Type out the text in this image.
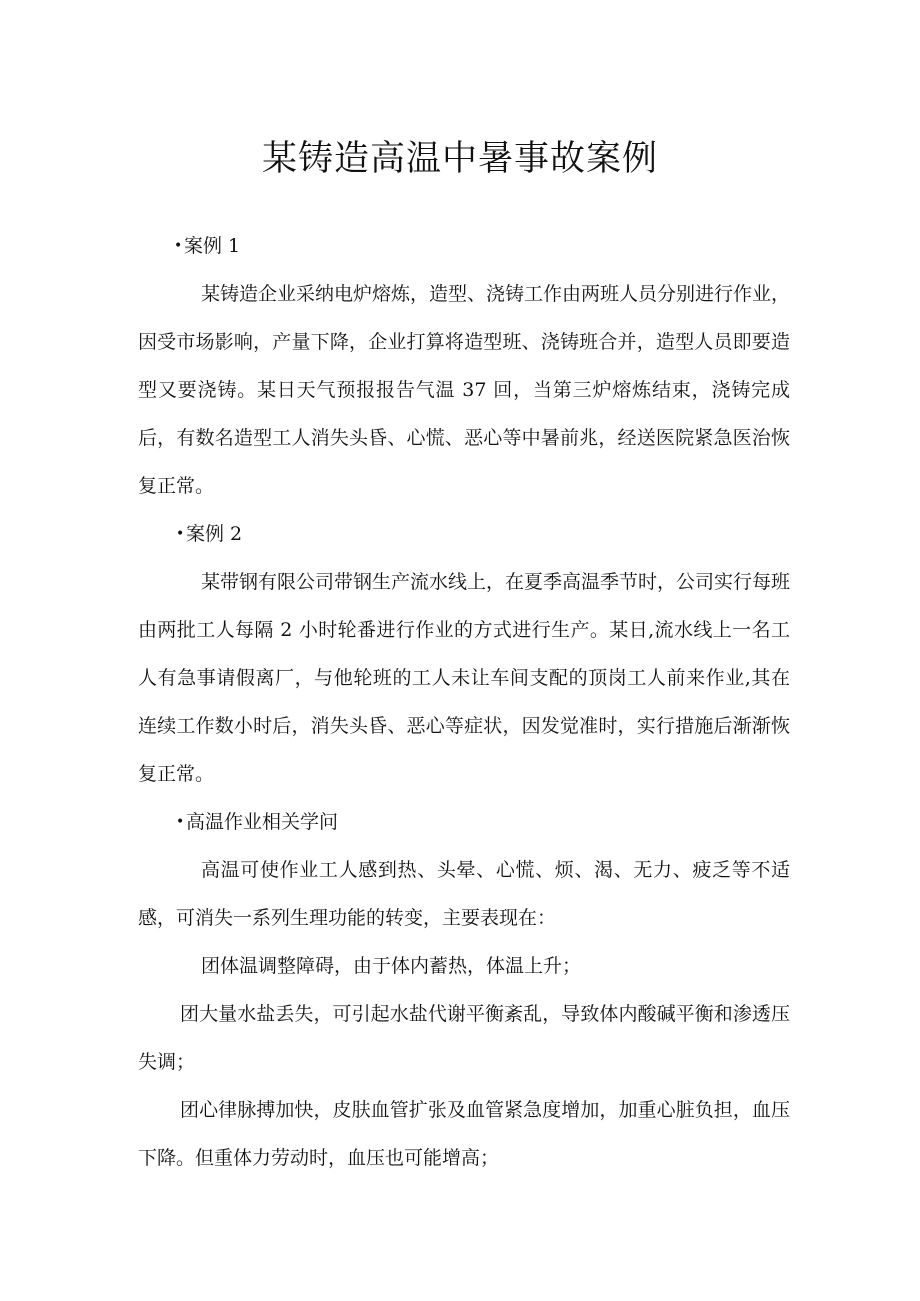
某铸造高温中暑事故案例

•案例 1

某铸造企业采纳电炉熔炼，造型、浇铸工作由两班人员分别进行作业，因受市场影响，产量下降，企业打算将造型班、浇铸班合并，造型人员即要造型又要浇铸。某日天气预报报告气温 37 回，当第三炉熔炼结束，浇铸完成后，有数名造型工人消失头昏、心慌、恶心等中暑前兆，经送医院紧急医治恢复正常。

•案例 2

某带钢有限公司带钢生产流水线上，在夏季高温季节时，公司实行每班由两批工人每隔 2 小时轮番进行作业的方式进行生产。某日,流水线上一名工人有急事请假离厂，与他轮班的工人未让车间支配的顶岗工人前来作业,其在连续工作数小时后，消失头昏、恶心等症状，因发觉准时，实行措施后渐渐恢复正常。

•高温作业相关学问

高温可使作业工人感到热、头晕、心慌、烦、渴、无力、疲乏等不适感，可消失一系列生理功能的转变，主要表现在：

团体温调整障碍，由于体内蓄热，体温上升；

团大量水盐丢失，可引起水盐代谢平衡紊乱，导致体内酸碱平衡和渗透压失调；

团心律脉搏加快，皮肤血管扩张及血管紧急度增加，加重心脏负担，血压下降。但重体力劳动时，血压也可能增高；
